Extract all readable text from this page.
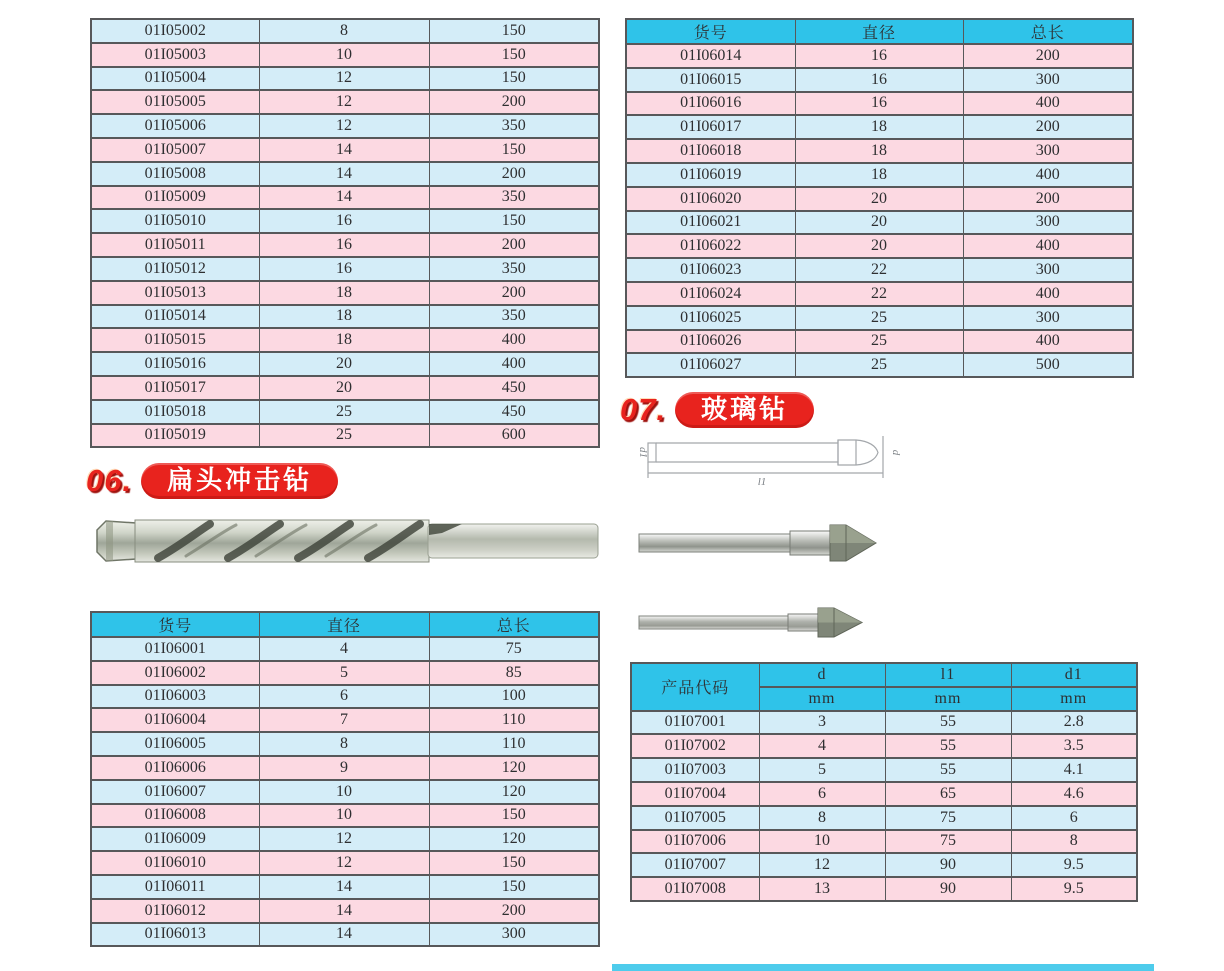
01I05002	8	150
01I05003	10	150
01I05004	12	150
01I05005	12	200
01I05006	12	350
01I05007	14	150
01I05008	14	200
01I05009	14	350
01I05010	16	150
01I05011	16	200
01I05012	16	350
01I05013	18	200
01I05014	18	350
01I05015	18	400
01I05016	20	400
01I05017	20	450
01I05018	25	450
01I05019	25	600
06.	扁头冲击钻
货号	直径	总长
01I06001	4	75
01I06002	5	85
01I06003	6	100
01I06004	7	110
01I06005	8	110
01I06006	9	120
01I06007	10	120
01I06008	10	150
01I06009	12	120
01I06010	12	150
01I06011	14	150
01I06012	14	200
01I06013	14	300
货号	直径	总长
01I06014	16	200
01I06015	16	300
01I06016	16	400
01I06017	18	200
01I06018	18	300
01I06019	18	400
01I06020	20	200
01I06021	20	300
01I06022	20	400
01I06023	22	300
01I06024	22	400
01I06025	25	300
01I06026	25	400
01I06027	25	500
07.	玻璃钻
d1	d
l1
产品代码	d	l1	d1
	mm	mm	mm
01I07001	3	55	2.8
01I07002	4	55	3.5
01I07003	5	55	4.1
01I07004	6	65	4.6
01I07005	8	75	6
01I07006	10	75	8
01I07007	12	90	9.5
01I07008	13	90	9.5
